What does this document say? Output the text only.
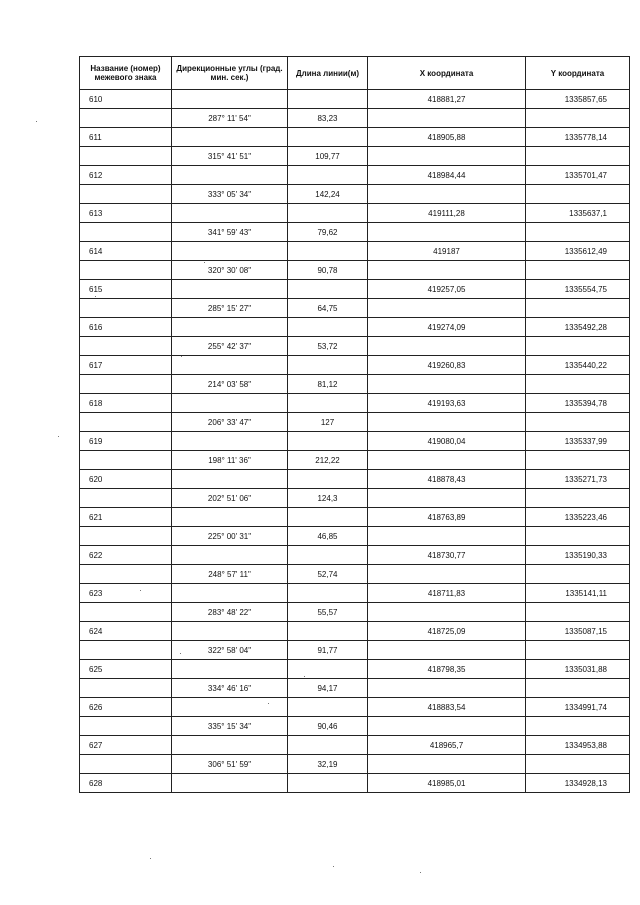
Название (номер) межевого знака	Дирекционные углы (град. мин. сек.)	Длина линии(м)	X координата	Y координата
610			418881,27	1335857,65
	287° 11' 54"	83,23		
611			418905,88	1335778,14
	315° 41' 51"	109,77		
612			418984,44	1335701,47
	333° 05' 34"	142,24		
613			419111,28	1335637,1
	341° 59' 43"	79,62		
614			419187	1335612,49
	320° 30' 08"	90,78		
615			419257,05	1335554,75
	285° 15' 27"	64,75		
616			419274,09	1335492,28
	255° 42' 37"	53,72		
617			419260,83	1335440,22
	214° 03' 58"	81,12		
618			419193,63	1335394,78
	206° 33' 47"	127		
619			419080,04	1335337,99
	198° 11' 36"	212,22		
620			418878,43	1335271,73
	202° 51' 06"	124,3		
621			418763,89	1335223,46
	225° 00' 31"	46,85		
622			418730,77	1335190,33
	248° 57' 11"	52,74		
623			418711,83	1335141,11
	283° 48' 22"	55,57		
624			418725,09	1335087,15
	322° 58' 04"	91,77		
625			418798,35	1335031,88
	334° 46' 16"	94,17		
626			418883,54	1334991,74
	335° 15' 34"	90,46		
627			418965,7	1334953,88
	306° 51' 59"	32,19		
628			418985,01	1334928,13
